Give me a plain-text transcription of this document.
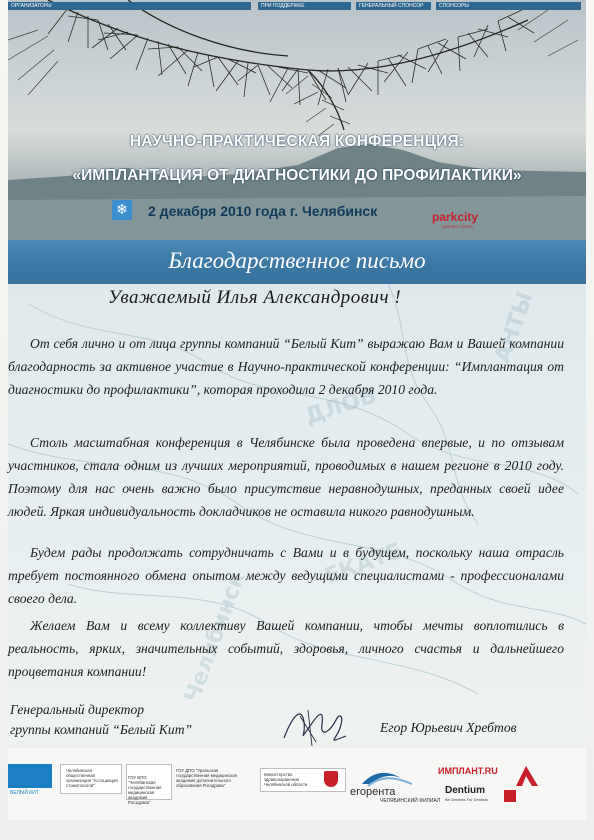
НАУЧНО-ПРАКТИЧЕСКАЯ КОНФЕРЕНЦИЯ:
«ИМПЛАНТАЦИЯ ОТ ДИАГНОСТИКИ ДО ПРОФИЛАКТИКИ»
❄ 2 декабря 2010 года г. Челябинск	parkcity
БИЗНЕС ОТЕЛЬ
Благодарственное письмо
ДЛОВ
Челябинск
АНТЫ
ЕКАТЕ
Уважаемый Илья Александрович !
От себя лично и от лица группы компаний “Белый Кит” выражаю Вам и Вашей компании благодарность за активное участие в Научно-практической конференции: “Имплантация от диагностики до профилактики”, которая проходила 2 декабря 2010 года.
Столь масштабная конференция в Челябинске была проведена впервые, и по отзывам участников, стала одним из лучших мероприятий, проводимых в нашем регионе в 2010 году. Поэтому для нас очень важно было присутствие неравнодушных, преданных своей идее людей. Яркая индивидуальность докладчиков не оставила никого равнодушным.
Будем рады продолжать сотрудничать с Вами и в будущем, поскольку наша отрасль требует постоянного обмена опытом между ведущими специалистами - профессионалами своего дела.
Желаем Вам и всему коллективу Вашей компании, чтобы мечты воплотились в реальность, ярких, значительных событий, здоровья, личного счастья и дальнейшего процветания компании!
Генеральный директор
группы компаний “Белый Кит”	Егор Юрьевич Хребтов
ОРГАНИЗАТОРЫ	ПРИ ПОДДЕРЖКЕ	ГЕНЕРАЛЬНЫЙ СПОНСОР	СПОНСОРЫ
БЕЛЫЙ КИТ
Челябинская общественная организация "Ассоциация стоматологов"
ГОУ ВПО "Челябинская государственная медицинская академия Росздрава"
ГОУ ДПО "Уральская государственная медицинская академия дополнительного образования Росздрава"
Министерство здравоохранения Челябинской области
егорента
ЧЕЛЯБИНСКИЙ ФИЛИАЛ
ИМПЛАНТ.RU
Dentium
Be Dentists For Dentists
